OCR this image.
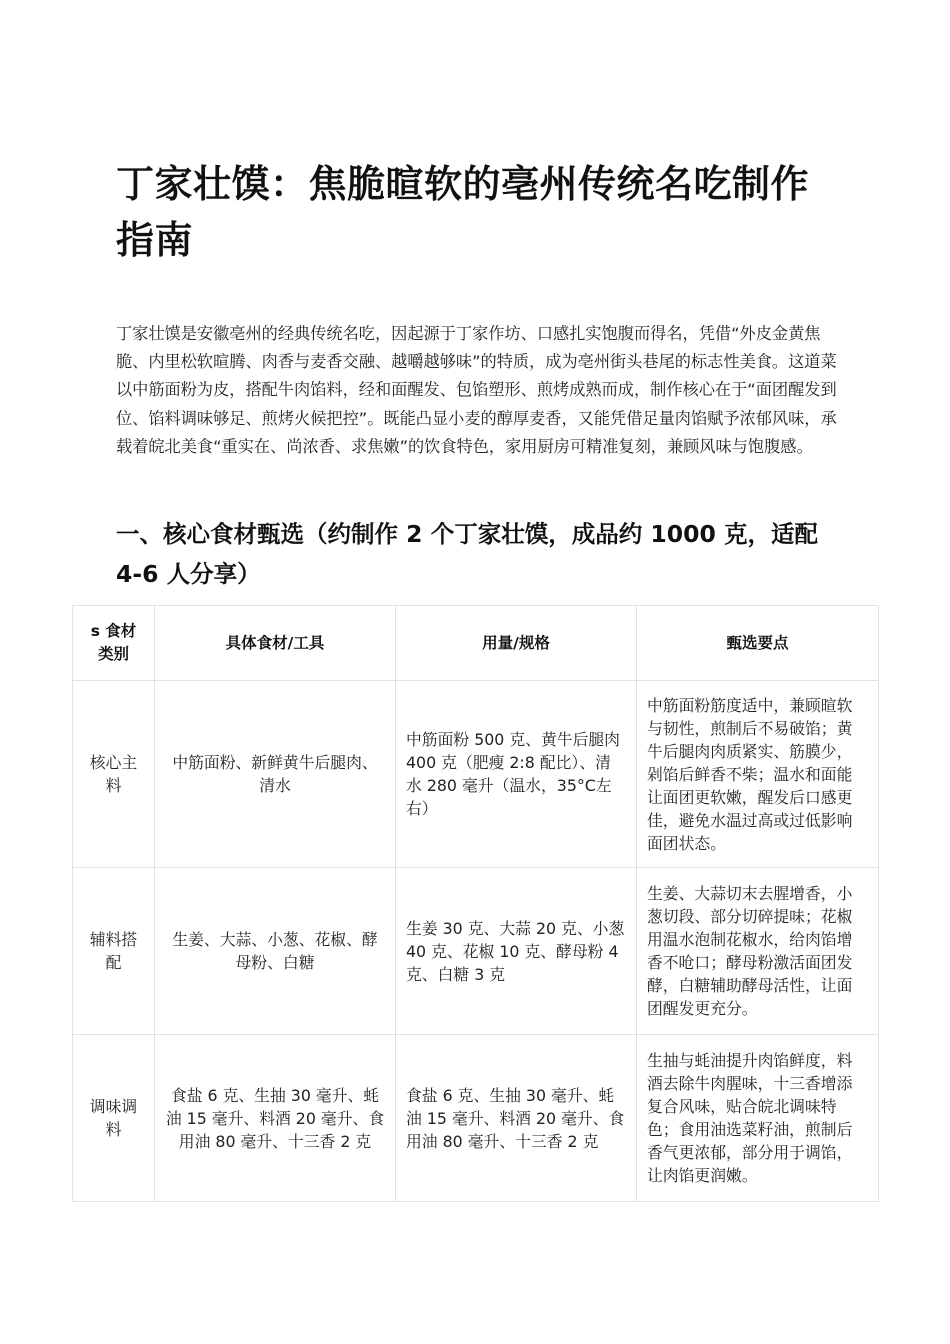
丁家壮馍：焦脆暄软的亳州传统名吃制作指南

丁家壮馍是安徽亳州的经典传统名吃，因起源于丁家作坊、口感扎实饱腹而得名，凭借“外皮金黄焦脆、内里松软暄腾、肉香与麦香交融、越嚼越够味”的特质，成为亳州街头巷尾的标志性美食。这道菜以中筋面粉为皮，搭配牛肉馅料，经和面醒发、包馅塑形、煎烤成熟而成，制作核心在于“面团醒发到位、馅料调味够足、煎烤火候把控”。既能凸显小麦的醇厚麦香，又能凭借足量肉馅赋予浓郁风味，承载着皖北美食“重实在、尚浓香、求焦嫩”的饮食特色，家用厨房可精准复刻，兼顾风味与饱腹感。

一、核心食材甄选（约制作 2 个丁家壮馍，成品约 1000 克，适配 4-6 人分享）
s 食材类别	具体食材/工具	用量/规格	甄选要点
核心主料	中筋面粉、新鲜黄牛后腿肉、清水	中筋面粉 500 克、黄牛后腿肉 400 克（肥瘦 2:8 配比）、清水 280 毫升（温水，35°C左右）	中筋面粉筋度适中，兼顾暄软与韧性，煎制后不易破馅；黄牛后腿肉肉质紧实、筋膜少，剁馅后鲜香不柴；温水和面能让面团更软嫩，醒发后口感更佳，避免水温过高或过低影响面团状态。
辅料搭配	生姜、大蒜、小葱、花椒、酵母粉、白糖	生姜 30 克、大蒜 20 克、小葱 40 克、花椒 10 克、酵母粉 4 克、白糖 3 克	生姜、大蒜切末去腥增香，小葱切段、部分切碎提味；花椒用温水泡制花椒水，给肉馅增香不呛口；酵母粉激活面团发酵，白糖辅助酵母活性，让面团醒发更充分。
调味调料	食盐 6 克、生抽 30 毫升、蚝油 15 毫升、料酒 20 毫升、食用油 80 毫升、十三香 2 克	食盐 6 克、生抽 30 毫升、蚝油 15 毫升、料酒 20 毫升、食用油 80 毫升、十三香 2 克	生抽与蚝油提升肉馅鲜度，料酒去除牛肉腥味，十三香增添复合风味，贴合皖北调味特色；食用油选菜籽油，煎制后香气更浓郁，部分用于调馅，让肉馅更润嫩。
